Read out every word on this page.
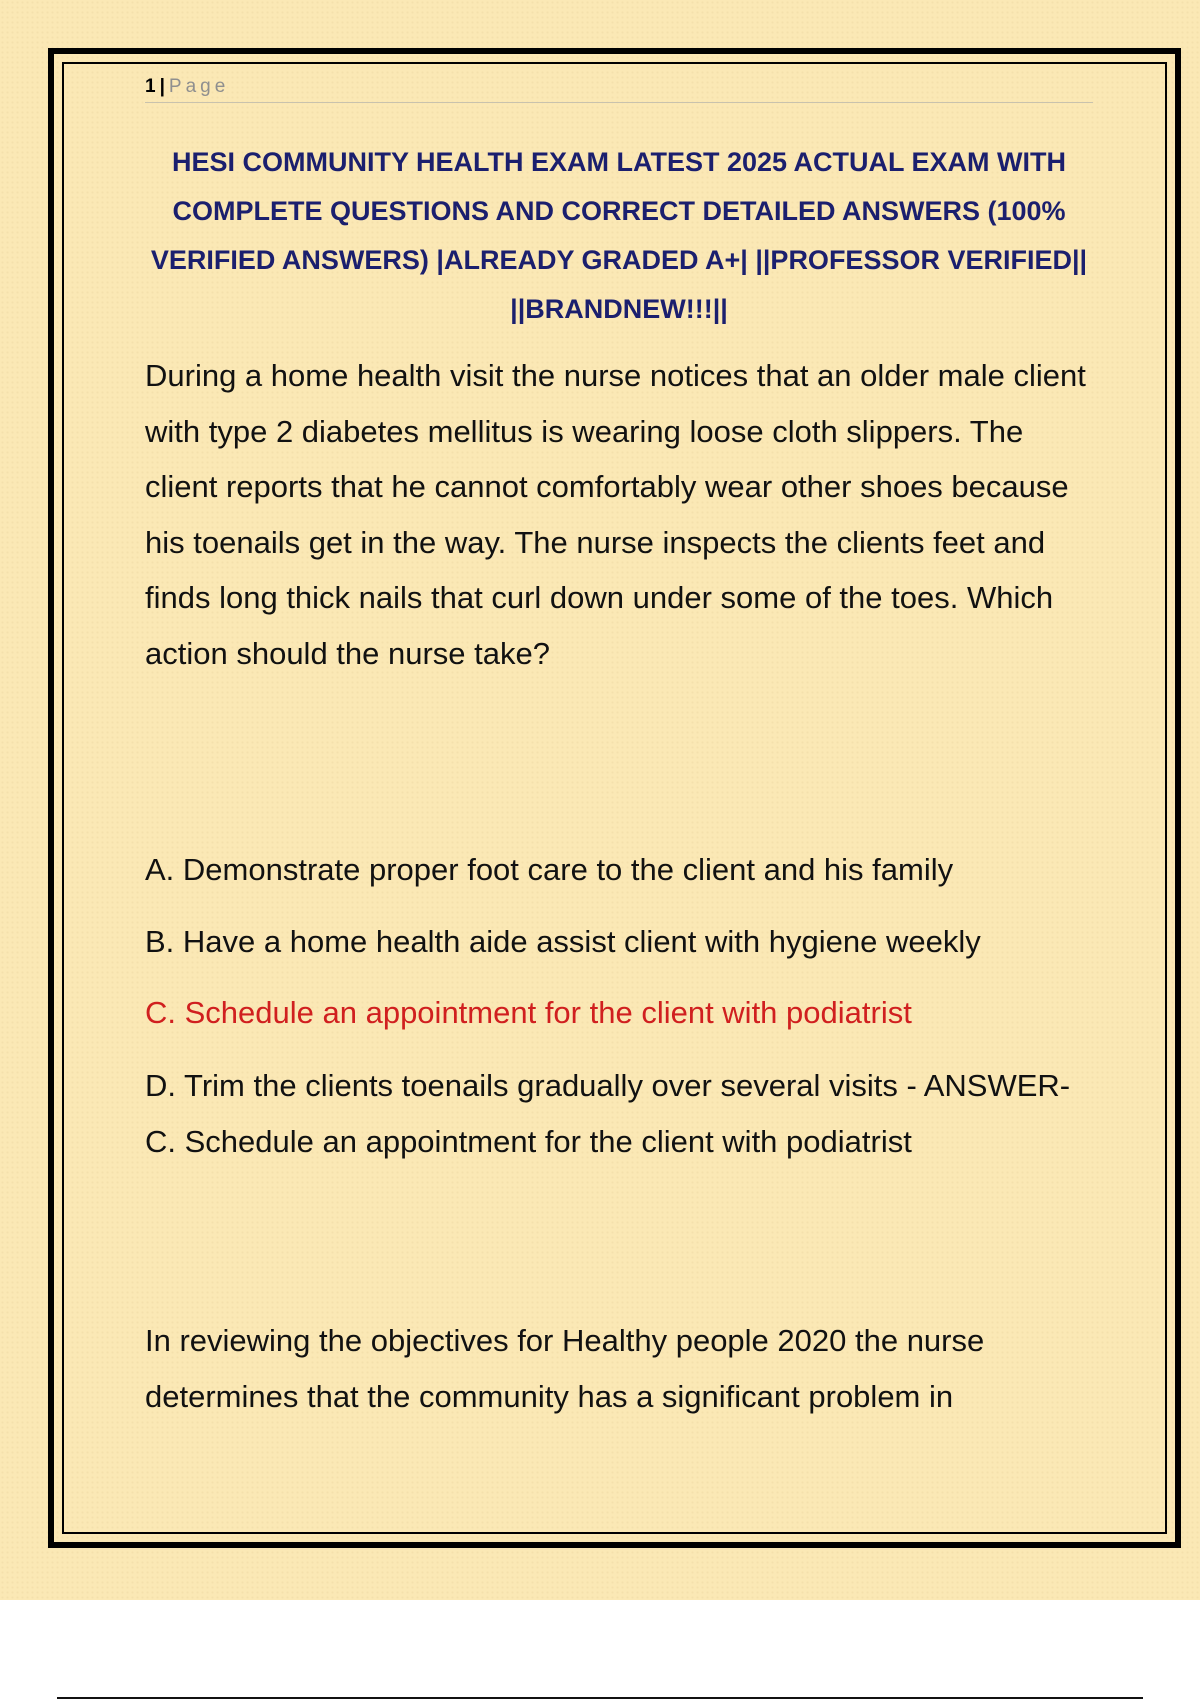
1 | Page

HESI COMMUNITY HEALTH EXAM LATEST 2025 ACTUAL EXAM WITH COMPLETE QUESTIONS AND CORRECT DETAILED ANSWERS (100% VERIFIED ANSWERS) |ALREADY GRADED A+| ||PROFESSOR VERIFIED|| ||BRANDNEW!!!||

During a home health visit the nurse notices that an older male client with type 2 diabetes mellitus is wearing loose cloth slippers. The client reports that he cannot comfortably wear other shoes because his toenails get in the way. The nurse inspects the clients feet and finds long thick nails that curl down under some of the toes. Which action should the nurse take?

A. Demonstrate proper foot care to the client and his family

B. Have a home health aide assist client with hygiene weekly

C. Schedule an appointment for the client with podiatrist

D. Trim the clients toenails gradually over several visits - ANSWER-C. Schedule an appointment for the client with podiatrist

In reviewing the objectives for Healthy people 2020 the nurse determines that the community has a significant problem in
